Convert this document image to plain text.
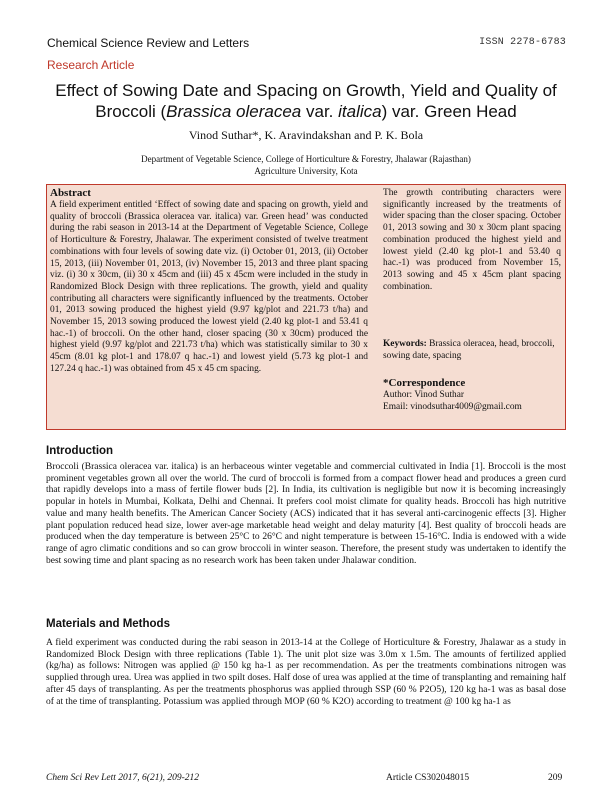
Chemical Science Review and Letters	ISSN 2278-6783
Research Article
Effect of Sowing Date and Spacing on Growth, Yield and Quality of
Broccoli (Brassica oleracea var. italica) var. Green Head
Vinod Suthar*, K. Aravindakshan and P. K. Bola
Department of Vegetable Science, College of Horticulture & Forestry, Jhalawar (Rajasthan)
Agriculture University, Kota
Abstract
A field experiment entitled ‘Effect of sowing date and spacing on growth, yield and quality of broccoli (Brassica oleracea var. italica) var. Green head’ was conducted during the rabi season in 2013-14 at the Department of Vegetable Science, College of Horticulture & Forestry, Jhalawar. The experiment consisted of twelve treatment combinations with four levels of sowing date viz. (i) October 01, 2013, (ii) October 15, 2013, (iii) November 01, 2013, (iv) November 15, 2013 and three plant spacing viz. (i) 30 x 30cm, (ii) 30 x 45cm and (iii) 45 x 45cm were included in the study in Randomized Block Design with three replications. The growth, yield and quality contributing all characters were significantly influenced by the treatments. October 01, 2013 sowing produced the highest yield (9.97 kg/plot and 221.73 t/ha) and November 15, 2013 sowing produced the lowest yield (2.40 kg plot-1 and 53.41 q hac.-1) of broccoli. On the other hand, closer spacing (30 x 30cm) produced the highest yield (9.97 kg/plot and 221.73 t/ha) which was statistically similar to 30 x 45cm (8.01 kg plot-1 and 178.07 q hac.-1) and lowest yield (5.73 kg plot-1 and 127.24 q hac.-1) was obtained from 45 x 45 cm spacing.
The growth contributing characters were significantly increased by the treatments of wider spacing than the closer spacing. October 01, 2013 sowing and 30 x 30cm plant spacing combination produced the highest yield and lowest yield (2.40 kg plot-1 and 53.40 q hac.-1) was produced from November 15, 2013 sowing and 45 x 45cm plant spacing combination.
Keywords: Brassica oleracea, head, broccoli, sowing date, spacing
*Correspondence
Author: Vinod Suthar
Email: vinodsuthar4009@gmail.com
Introduction
Broccoli (Brassica oleracea var. italica) is an herbaceous winter vegetable and commercial cultivated in India [1]. Broccoli is the most prominent vegetables grown all over the world. The curd of broccoli is formed from a compact flower head and produces a green curd that rapidly develops into a mass of fertile flower buds [2]. In India, its cultivation is negligible but now it is becoming increasingly popular in hotels in Mumbai, Kolkata, Delhi and Chennai. It prefers cool moist climate for quality heads. Broccoli has high nutritive value and many health benefits. The American Cancer Society (ACS) indicated that it has several anti-carcinogenic effects [3]. Higher plant population reduced head size, lower aver-age marketable head weight and delay maturity [4]. Best quality of broccoli heads are produced when the day temperature is between 25°C to 26°C and night temperature is between 15-16°C. India is endowed with a wide range of agro climatic conditions and so can grow broccoli in winter season. Therefore, the present study was undertaken to identify the best sowing time and plant spacing as no research work has been taken under Jhalawar condition.
Materials and Methods
A field experiment was conducted during the rabi season in 2013-14 at the College of Horticulture & Forestry, Jhalawar as a study in Randomized Block Design with three replications (Table 1). The unit plot size was 3.0m x 1.5m. The amounts of fertilized applied (kg/ha) as follows: Nitrogen was applied @ 150 kg ha-1 as per recommendation. As per the treatments combinations nitrogen was supplied through urea. Urea was applied in two spilt doses. Half dose of urea was applied at the time of transplanting and remaining half after 45 days of transplanting. As per the treatments phosphorus was applied through SSP (60 % P2O5), 120 kg ha-1 was as basal dose of at the time of transplanting. Potassium was applied through MOP (60 % K2O) according to treatment @ 100 kg ha-1 as
Chem Sci Rev Lett 2017, 6(21), 209-212	Article CS302048015	209
